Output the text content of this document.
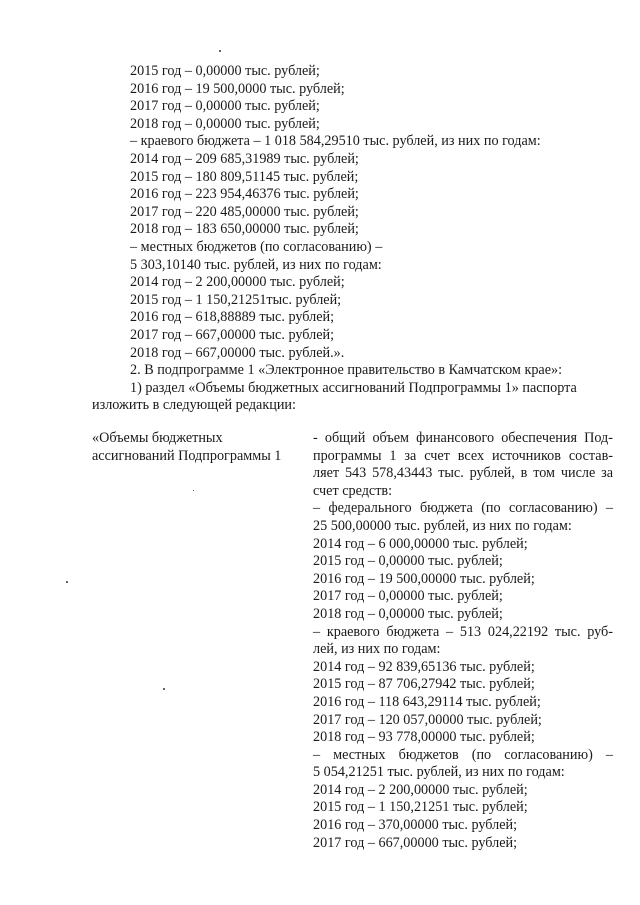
2015 год – 0,00000 тыс. рублей;
2016 год – 19 500,0000 тыс. рублей;
2017 год – 0,00000 тыс. рублей;
2018 год – 0,00000 тыс. рублей;
– краевого бюджета – 1 018 584,29510 тыс. рублей, из них по годам:
2014 год – 209 685,31989 тыс. рублей;
2015 год – 180 809,51145 тыс. рублей;
2016 год – 223 954,46376 тыс. рублей;
2017 год – 220 485,00000 тыс. рублей;
2018 год – 183 650,00000 тыс. рублей;
– местных бюджетов (по согласованию) –
5 303,10140 тыс. рублей, из них по годам:
2014 год – 2 200,00000 тыс. рублей;
2015 год – 1 150,21251тыс. рублей;
2016 год – 618,88889 тыс. рублей;
2017 год – 667,00000 тыс. рублей;
2018 год – 667,00000 тыс. рублей.».
2. В подпрограмме 1 «Электронное правительство в Камчатском крае»:
1) раздел «Объемы бюджетных ассигнований Подпрограммы 1» паспорта
изложить в следующей редакции:
«Объемы бюджетных
ассигнований Подпрограммы 1
- общий объем финансового обеспечения Под-
программы 1 за счет всех источников состав-
ляет 543 578,43443 тыс. рублей, в том числе за
счет средств:
– федерального бюджета (по согласованию) –
25 500,00000 тыс. рублей, из них по годам:
2014 год – 6 000,00000 тыс. рублей;
2015 год – 0,00000 тыс. рублей;
2016 год – 19 500,00000 тыс. рублей;
2017 год – 0,00000 тыс. рублей;
2018 год – 0,00000 тыс. рублей;
– краевого бюджета – 513 024,22192 тыс. руб-
лей, из них по годам:
2014 год – 92 839,65136 тыс. рублей;
2015 год – 87 706,27942 тыс. рублей;
2016 год – 118 643,29114 тыс. рублей;
2017 год – 120 057,00000 тыс. рублей;
2018 год – 93 778,00000 тыс. рублей;
– местных бюджетов (по согласованию) –
5 054,21251 тыс. рублей, из них по годам:
2014 год – 2 200,00000 тыс. рублей;
2015 год – 1 150,21251 тыс. рублей;
2016 год – 370,00000 тыс. рублей;
2017 год – 667,00000 тыс. рублей;
